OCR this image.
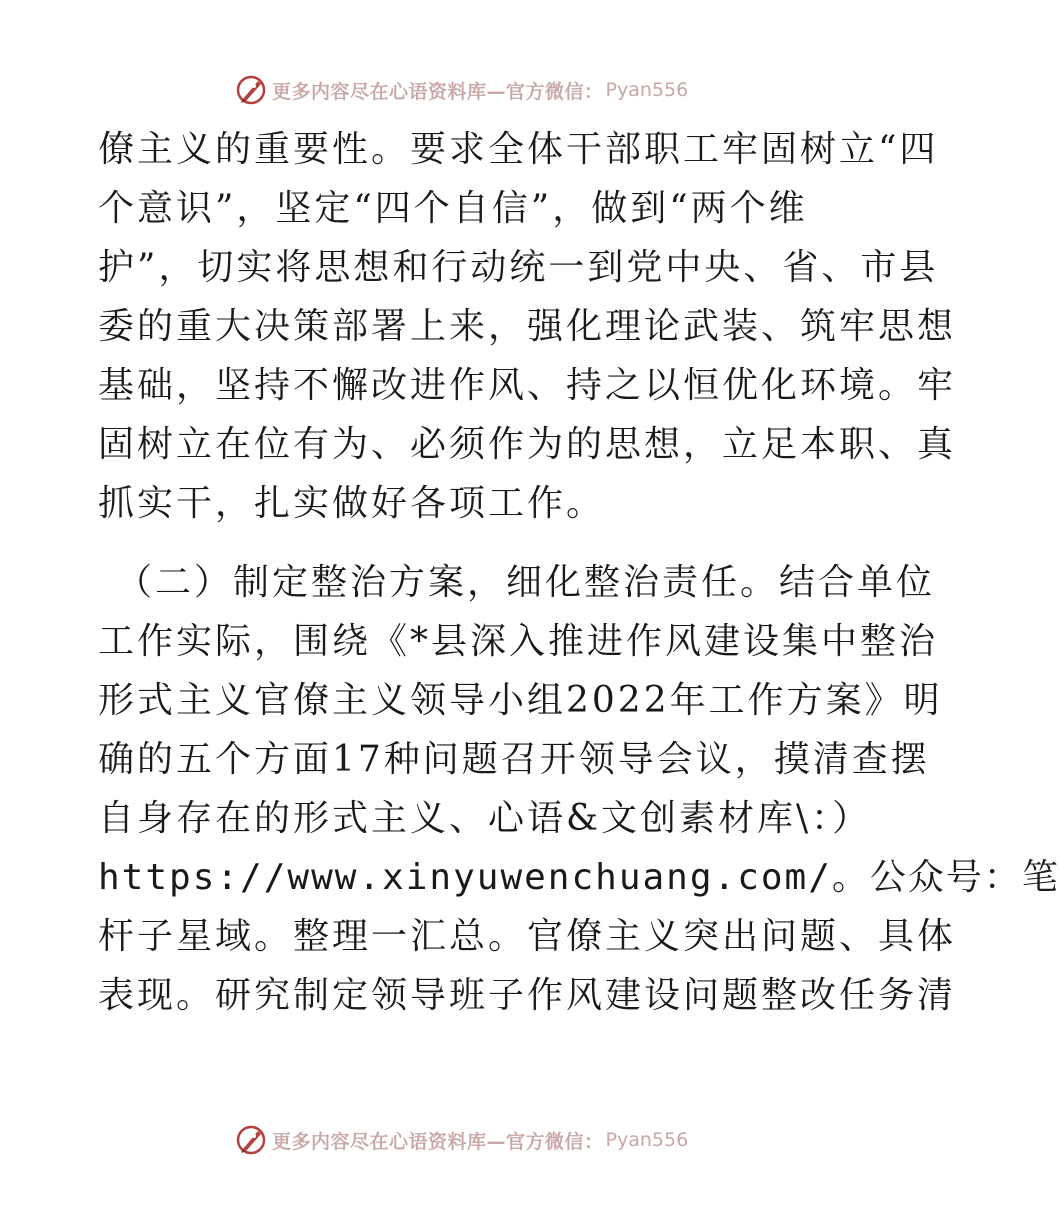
更多内容尽在心语资料库—官方微信： Pyan556
僚主义的重要性。要求全体干部职工牢固树立“四
个意识”，坚定“四个自信”，做到“两个维
护”，切实将思想和行动统一到党中央、省、市县
委的重大决策部署上来，强化理论武装、筑牢思想
基础，坚持不懈改进作风、持之以恒优化环境。牢
固树立在位有为、必须作为的思想，立足本职、真
抓实干，扎实做好各项工作。
（二）制定整治方案，细化整治责任。结合单位
工作实际，围绕《*县深入推进作风建设集中整治
形式主义官僚主义领导小组2022年工作方案》明
确的五个方面17种问题召开领导会议，摸清查摆
自身存在的形式主义、心语&文创素材库\：）
https://www.xinyuwenchuang.com/。公众号：笔
杆子星域。整理一汇总。官僚主义突出问题、具体
表现。研究制定领导班子作风建设问题整改任务清
更多内容尽在心语资料库—官方微信： Pyan556
